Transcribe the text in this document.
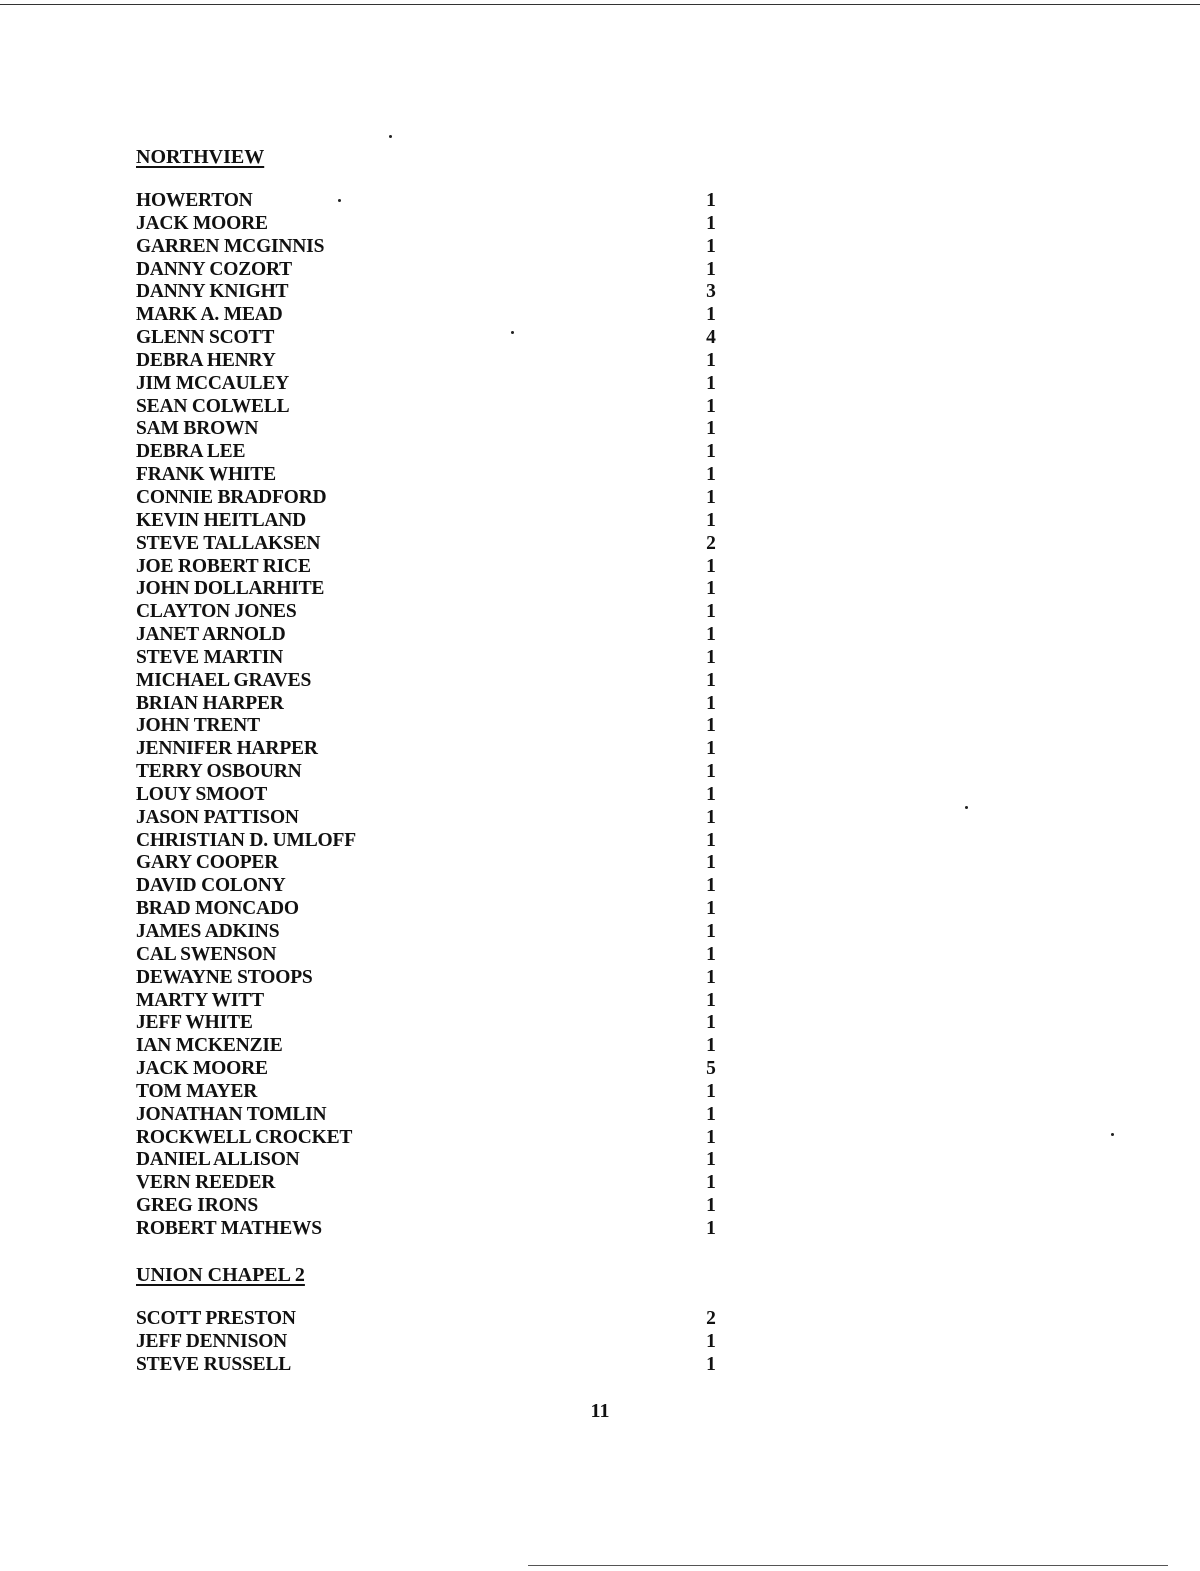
NORTHVIEW
HOWERTON	1
JACK MOORE	1
GARREN MCGINNIS	1
DANNY COZORT	1
DANNY KNIGHT	3
MARK A. MEAD	1
GLENN SCOTT	4
DEBRA HENRY	1
JIM MCCAULEY	1
SEAN COLWELL	1
SAM BROWN	1
DEBRA LEE	1
FRANK WHITE	1
CONNIE BRADFORD	1
KEVIN HEITLAND	1
STEVE TALLAKSEN	2
JOE ROBERT RICE	1
JOHN DOLLARHITE	1
CLAYTON JONES	1
JANET ARNOLD	1
STEVE MARTIN	1
MICHAEL GRAVES	1
BRIAN HARPER	1
JOHN TRENT	1
JENNIFER HARPER	1
TERRY OSBOURN	1
LOUY SMOOT	1
JASON PATTISON	1
CHRISTIAN D. UMLOFF	1
GARY COOPER	1
DAVID COLONY	1
BRAD MONCADO	1
JAMES ADKINS	1
CAL SWENSON	1
DEWAYNE STOOPS	1
MARTY WITT	1
JEFF WHITE	1
IAN MCKENZIE	1
JACK MOORE	5
TOM MAYER	1
JONATHAN TOMLIN	1
ROCKWELL CROCKET	1
DANIEL ALLISON	1
VERN REEDER	1
GREG IRONS	1
ROBERT MATHEWS	1
UNION CHAPEL 2
SCOTT PRESTON	2
JEFF DENNISON	1
STEVE RUSSELL	1
11
